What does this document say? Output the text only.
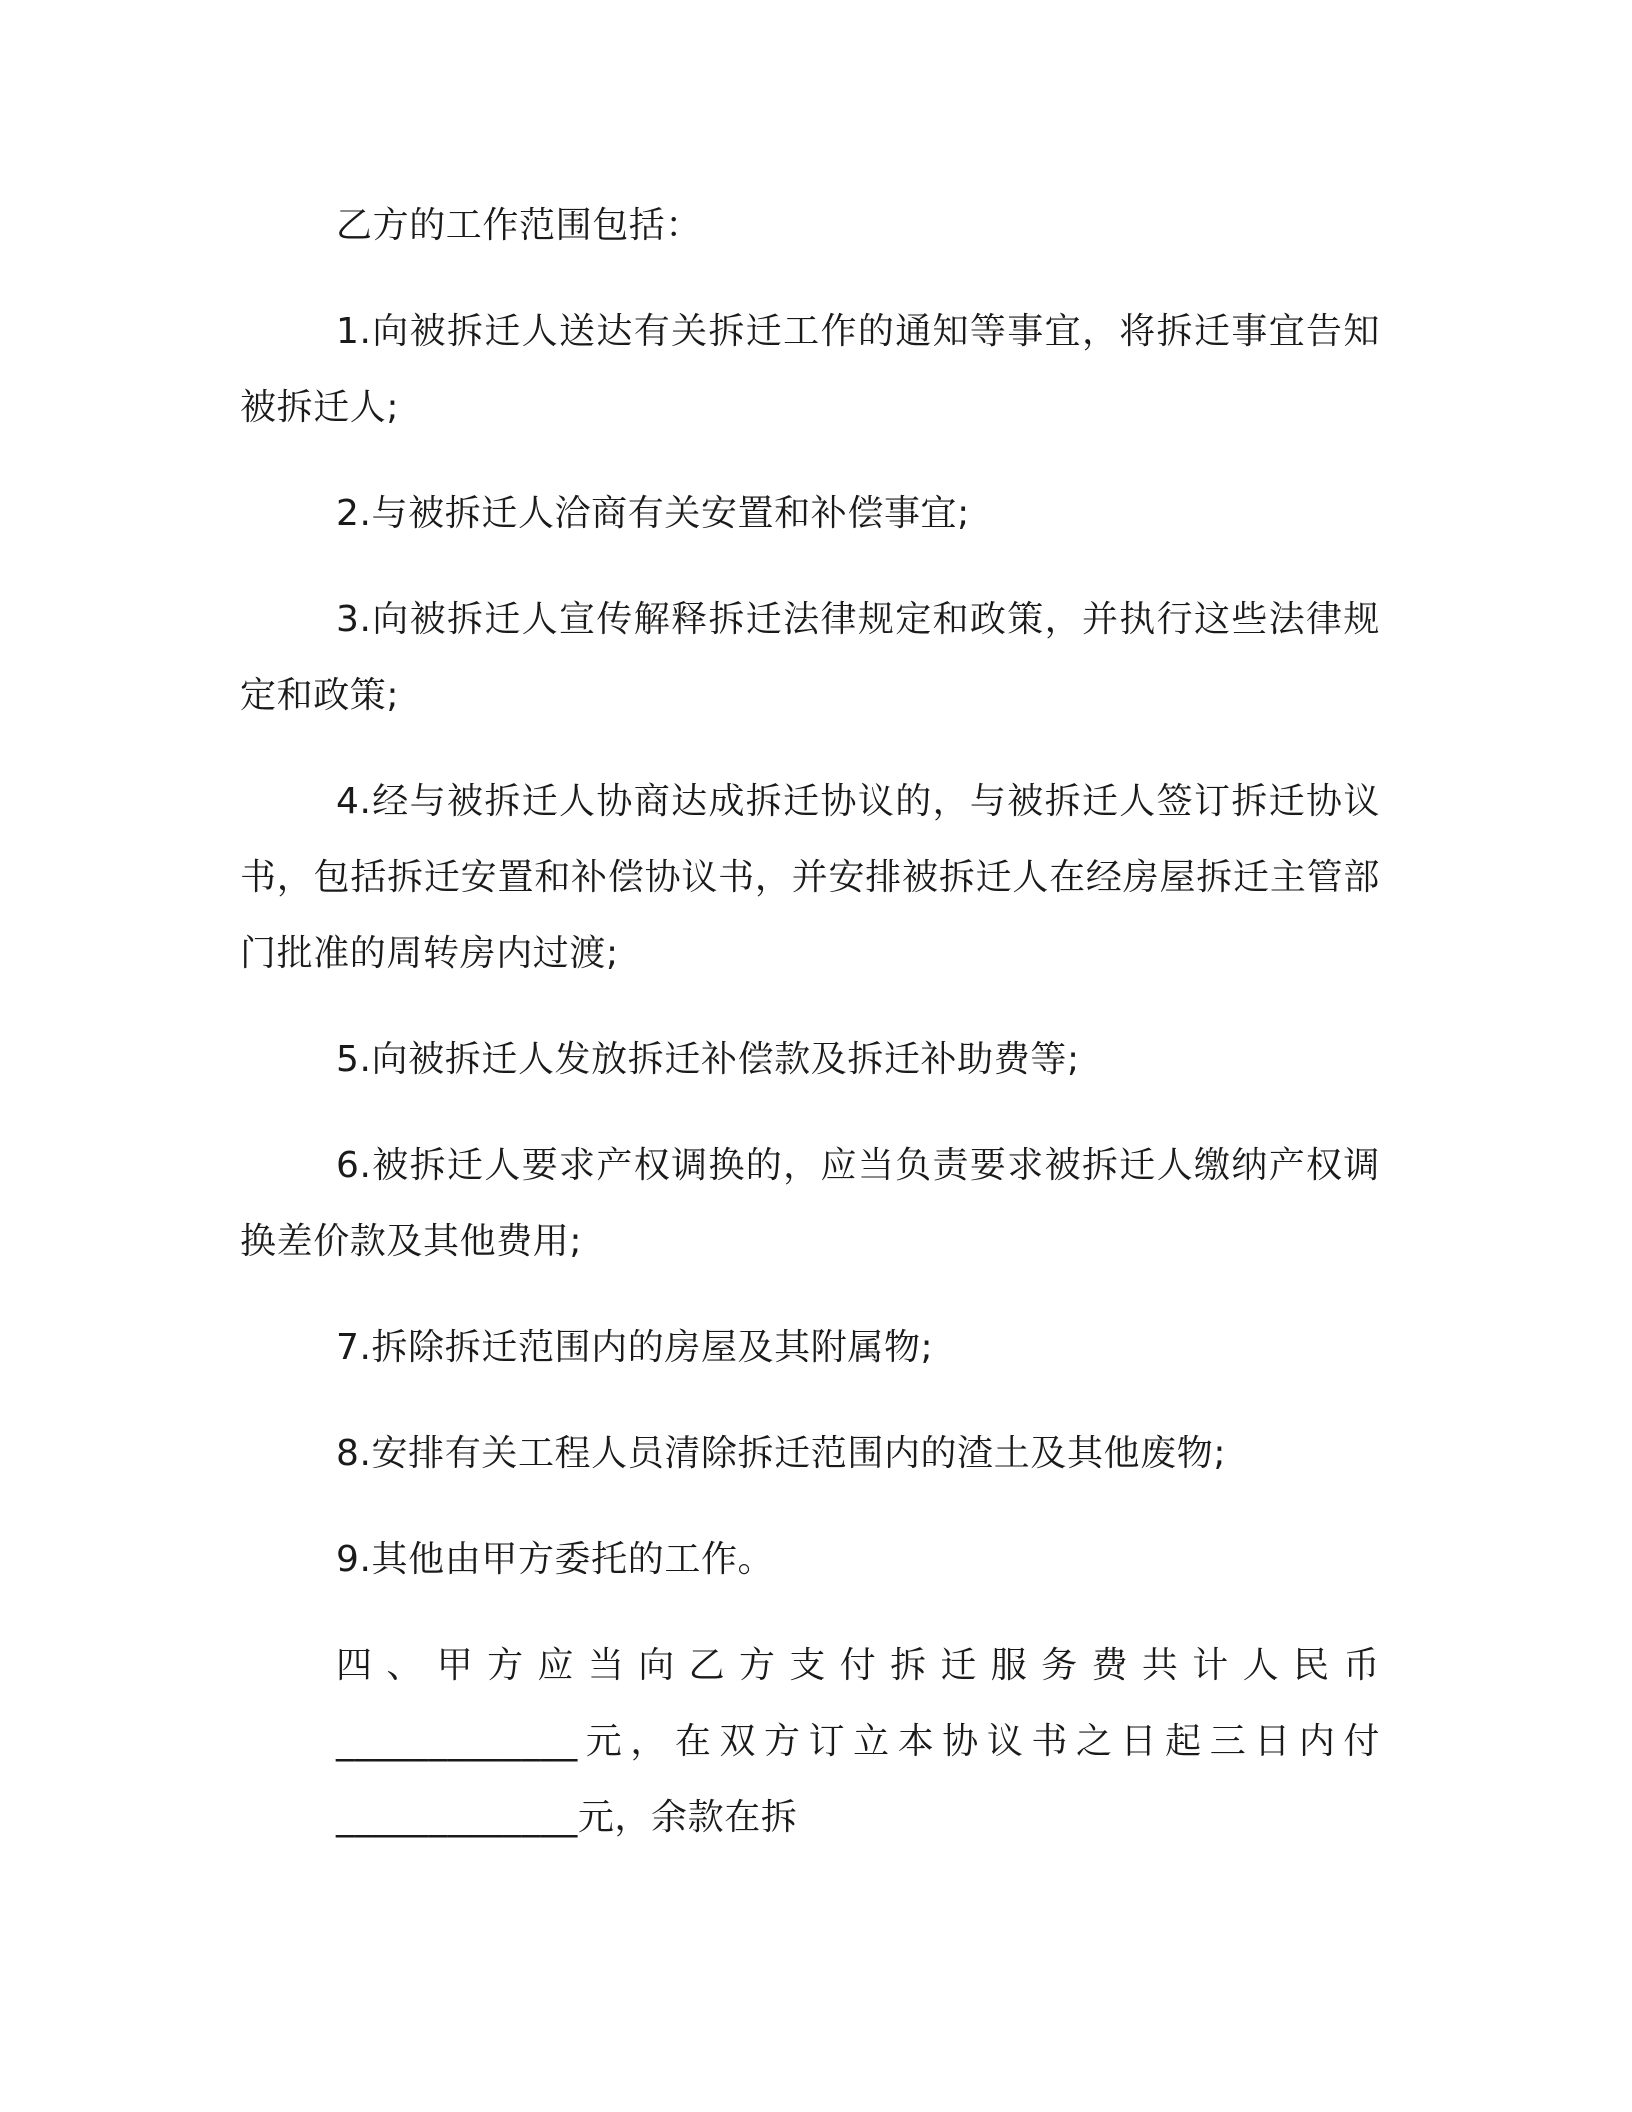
乙方的工作范围包括：

1.向被拆迁人送达有关拆迁工作的通知等事宜，将拆迁事宜告知被拆迁人;

2.与被拆迁人洽商有关安置和补偿事宜;

3.向被拆迁人宣传解释拆迁法律规定和政策，并执行这些法律规定和政策;

4.经与被拆迁人协商达成拆迁协议的，与被拆迁人签订拆迁协议书，包括拆迁安置和补偿协议书，并安排被拆迁人在经房屋拆迁主管部门批准的周转房内过渡;

5.向被拆迁人发放拆迁补偿款及拆迁补助费等;

6.被拆迁人要求产权调换的，应当负责要求被拆迁人缴纳产权调换差价款及其他费用;

7.拆除拆迁范围内的房屋及其附属物;

8.安排有关工程人员清除拆迁范围内的渣土及其他废物;

9.其他由甲方委托的工作。

四、甲方应当向乙方支付拆迁服务费共计人民币_____________元，在双方订立本协议书之日起三日内付_____________元，余款在拆
